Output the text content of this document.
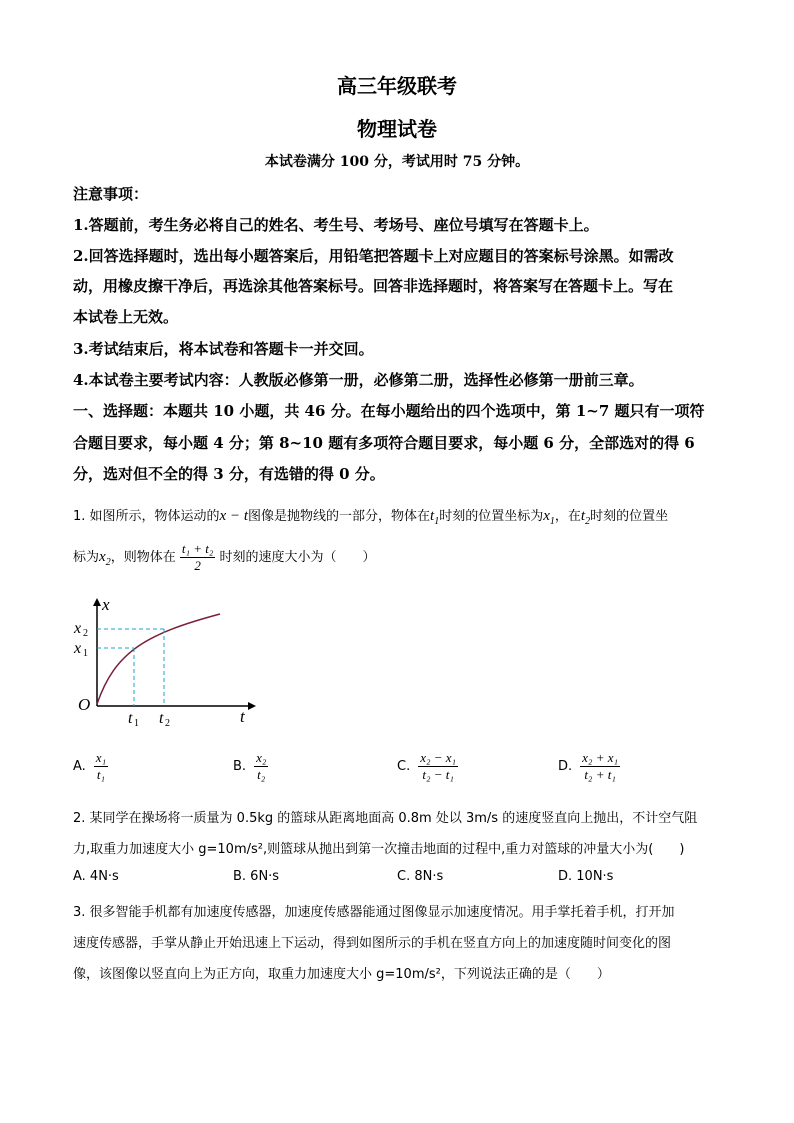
高三年级联考
物理试卷
本试卷满分 100 分，考试用时 75 分钟。
注意事项：
1.答题前，考生务必将自己的姓名、考生号、考场号、座位号填写在答题卡上。
2.回答选择题时，选出每小题答案后，用铅笔把答题卡上对应题目的答案标号涂黑。如需改
动，用橡皮擦干净后，再选涂其他答案标号。回答非选择题时，将答案写在答题卡上。写在
本试卷上无效。
3.考试结束后，将本试卷和答题卡一并交回。
4.本试卷主要考试内容：人教版必修第一册，必修第二册，选择性必修第一册前三章。
一、选择题：本题共 10 小题，共 46 分。在每小题给出的四个选项中，第 1~7 题只有一项符
合题目要求，每小题 4 分；第 8~10 题有多项符合题目要求，每小题 6 分，全部选对的得 6
分，选对但不全的得 3 分，有选错的得 0 分。
1. 如图所示，物体运动的x − t图像是抛物线的一部分，物体在$t_1$时刻的位置坐标为$x_1$，在$t_2$时刻的位置坐
标为$x_2$，则物体在 $\frac{\text{t₁ + t₂}}{2}$ 时刻的速度大小为（　　）
x
t
O
x 1
x 2
t 1 t 2
A. $\frac{\text{x₁}}{\text{t₁}}$	B. $\frac{\text{x₂}}{\text{t₂}}$	C. $\frac{\text{x₂ − x₁}}{\text{t₂ − t₁}}$	D. $\frac{\text{x₂ + x₁}}{\text{t₂ + t₁}}$
2. 某同学在操场将一质量为 0.5kg 的篮球从距离地面高 0.8m 处以 3m/s 的速度竖直向上抛出，不计空气阻
力,取重力加速度大小 g=10m/s²,则篮球从抛出到第一次撞击地面的过程中,重力对篮球的冲量大小为(　　)
A. 4N·s	B. 6N·s	C. 8N·s	D. 10N·s
3. 很多智能手机都有加速度传感器，加速度传感器能通过图像显示加速度情况。用手掌托着手机，打开加
速度传感器，手掌从静止开始迅速上下运动，得到如图所示的手机在竖直方向上的加速度随时间变化的图
像，该图像以竖直向上为正方向，取重力加速度大小 g=10m/s²，下列说法正确的是（　　）
